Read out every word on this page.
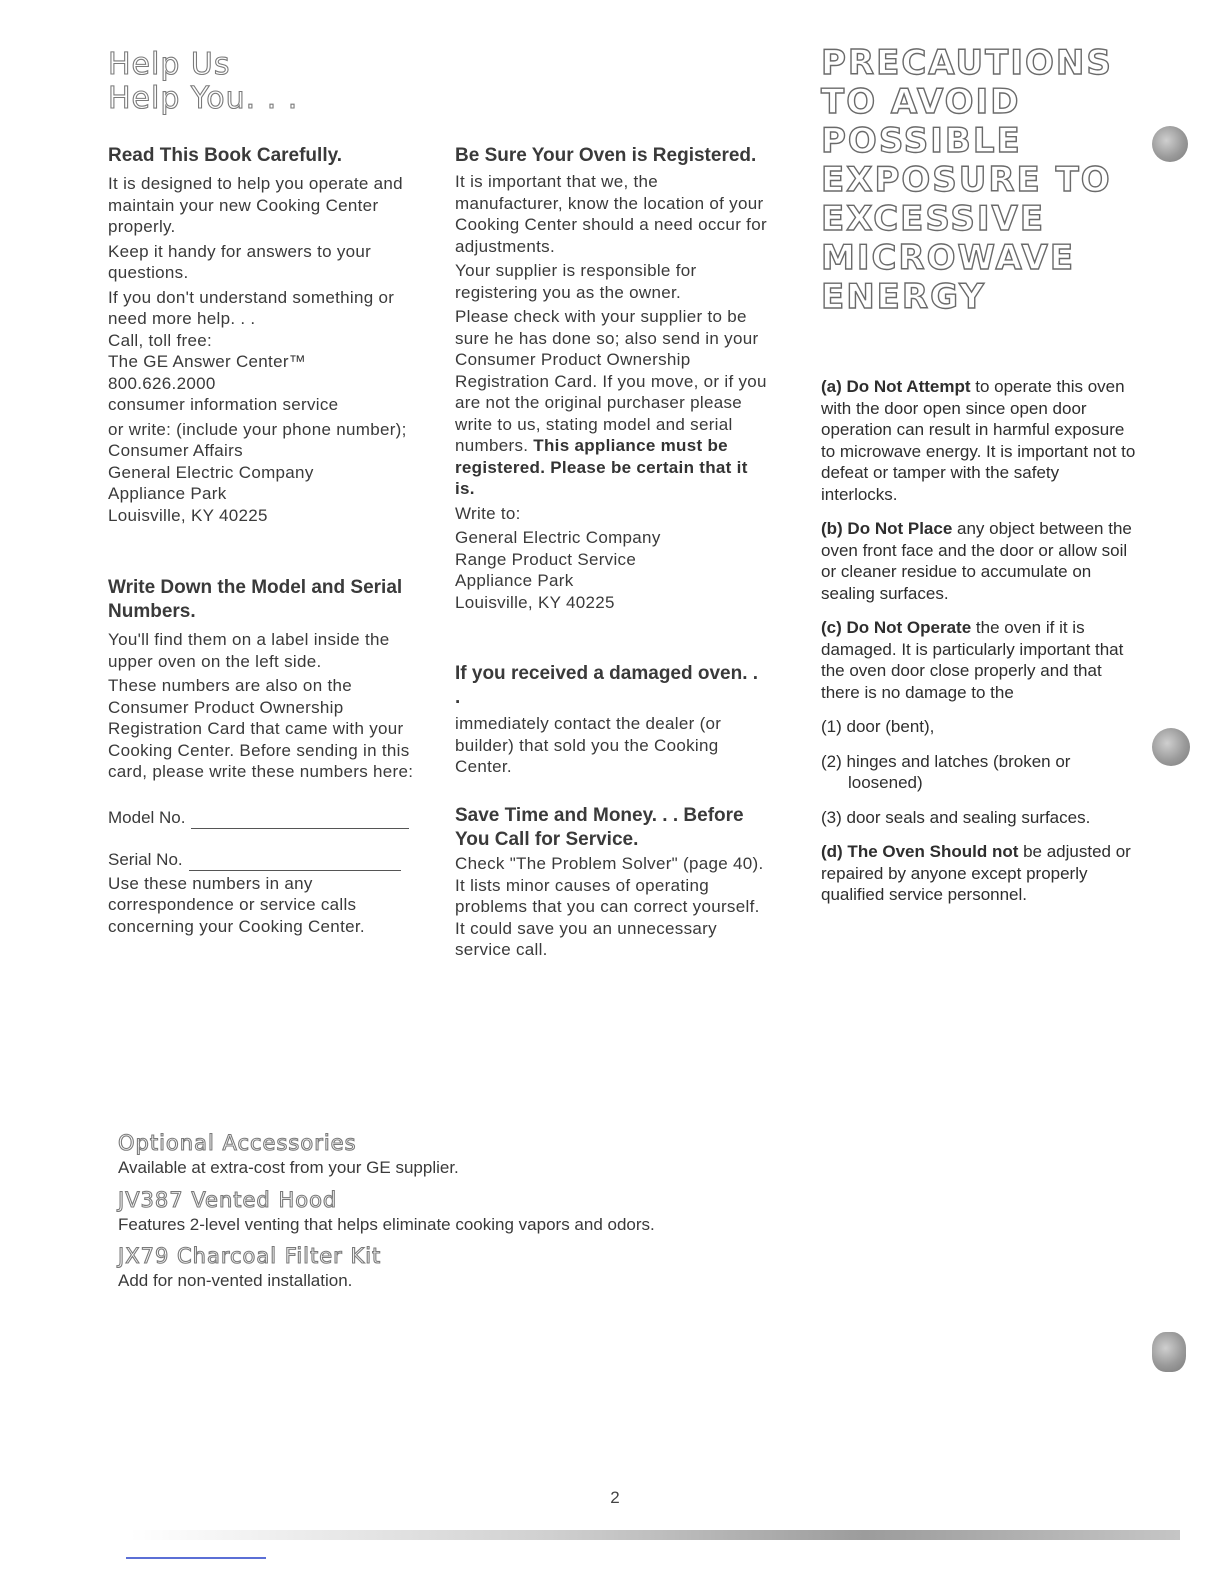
Help Us
Help You. . .
Read This Book Carefully.

It is designed to help you operate and maintain your new Cooking Center properly.

Keep it handy for answers to your questions.

If you don't understand something or need more help. . .

Call, toll free:

The GE Answer Center™

800.626.2000

consumer information service

or write: (include your phone number);

Consumer Affairs

General Electric Company

Appliance Park

Louisville, KY 40225

Write Down the Model and Serial Numbers.

You'll find them on a label inside the upper oven on the left side.

These numbers are also on the Consumer Product Ownership Registration Card that came with your Cooking Center. Before sending in this card, please write these numbers here:

Model No.
Serial No.

Use these numbers in any correspondence or service calls concerning your Cooking Center.

Be Sure Your Oven is Registered.

It is important that we, the manufacturer, know the location of your Cooking Center should a need occur for adjustments.

Your supplier is responsible for registering you as the owner.

Please check with your supplier to be sure he has done so; also send in your Consumer Product Ownership Registration Card. If you move, or if you are not the original purchaser please write to us, stating model and serial numbers. This appliance must be registered. Please be certain that it is.

Write to:

General Electric Company

Range Product Service

Appliance Park

Louisville, KY 40225

If you received a damaged oven. . .

immediately contact the dealer (or builder) that sold you the Cooking Center.

Save Time and Money. . . Before You Call for Service.

Check "The Problem Solver" (page 40). It lists minor causes of operating problems that you can correct yourself.

It could save you an unnecessary service call.

PRECAUTIONS
TO AVOID
POSSIBLE
EXPOSURE TO
EXCESSIVE
MICROWAVE
ENERGY

(a) Do Not Attempt to operate this oven with the door open since open door operation can result in harmful exposure to microwave energy. It is important not to defeat or tamper with the safety interlocks.

(b) Do Not Place any object between the oven front face and the door or allow soil or cleaner residue to accumulate on sealing surfaces.

(c) Do Not Operate the oven if it is damaged. It is particularly important that the oven door close properly and that there is no damage to the

(1) door (bent),

(2) hinges and latches (broken or loosened)

(3) door seals and sealing surfaces.

(d) The Oven Should not be adjusted or repaired by anyone except properly qualified service personnel.

Optional Accessories

Available at extra-cost from your GE supplier.

JV387 Vented Hood

Features 2-level venting that helps eliminate cooking vapors and odors.

JX79 Charcoal Filter Kit

Add for non-vented installation.

2
